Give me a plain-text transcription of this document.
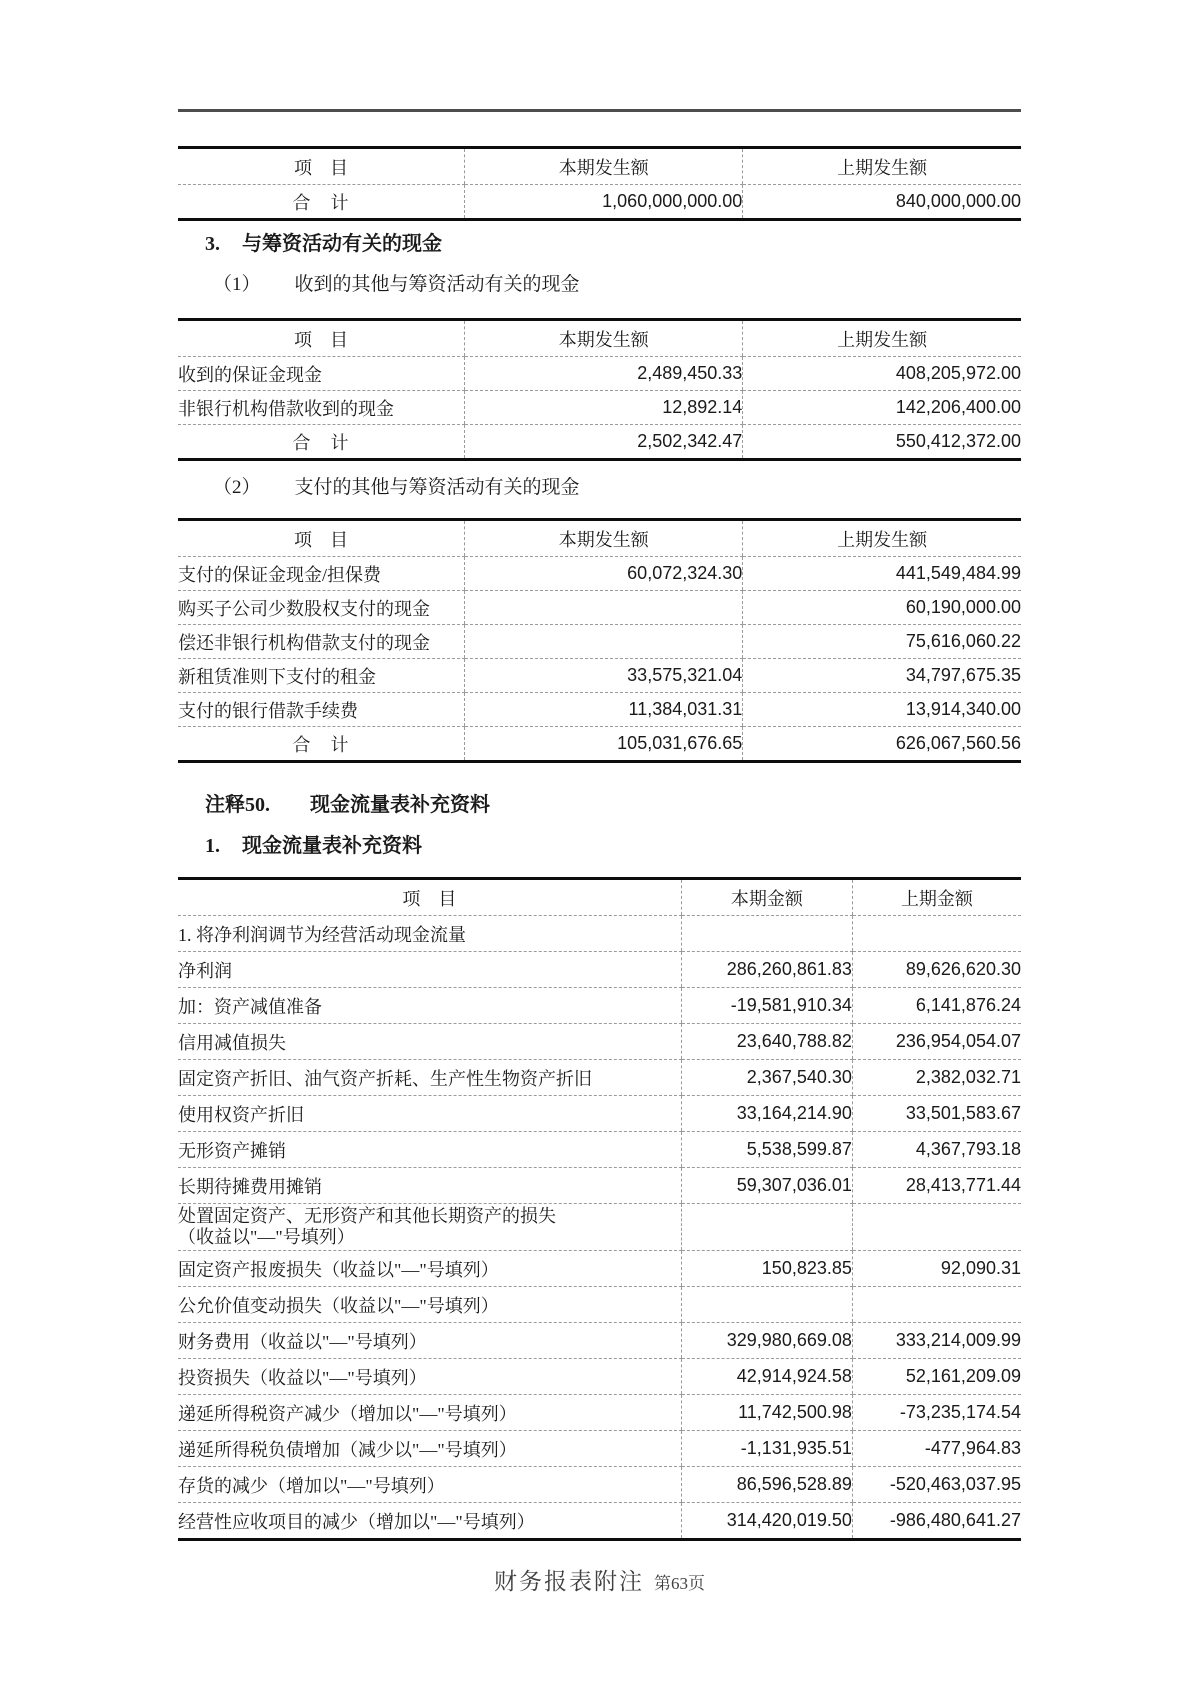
项　目	本期发生额	上期发生额
合　计	1,060,000,000.00	840,000,000.00
3. 与筹资活动有关的现金
（1） 收到的其他与筹资活动有关的现金
项　目	本期发生额	上期发生额
收到的保证金现金	2,489,450.33	408,205,972.00
非银行机构借款收到的现金	12,892.14	142,206,400.00
合　计	2,502,342.47	550,412,372.00
（2） 支付的其他与筹资活动有关的现金
项　目	本期发生额	上期发生额
支付的保证金现金/担保费	60,072,324.30	441,549,484.99
购买子公司少数股权支付的现金		60,190,000.00
偿还非银行机构借款支付的现金		75,616,060.22
新租赁准则下支付的租金	33,575,321.04	34,797,675.35
支付的银行借款手续费	11,384,031.31	13,914,340.00
合　计	105,031,676.65	626,067,560.56
注释50. 现金流量表补充资料
1. 现金流量表补充资料
项　目	本期金额	上期金额
1. 将净利润调节为经营活动现金流量		
净利润	286,260,861.83	89,626,620.30
加：资产减值准备	-19,581,910.34	6,141,876.24
信用减值损失	23,640,788.82	236,954,054.07
固定资产折旧、油气资产折耗、生产性生物资产折旧	2,367,540.30	2,382,032.71
使用权资产折旧	33,164,214.90	33,501,583.67
无形资产摊销	5,538,599.87	4,367,793.18
长期待摊费用摊销	59,307,036.01	28,413,771.44

处置固定资产、无形资产和其他长期资产的损失
（收益以"—"号填列）		

固定资产报废损失（收益以"—"号填列）	150,823.85	92,090.31
公允价值变动损失（收益以"—"号填列）		
财务费用（收益以"—"号填列）	329,980,669.08	333,214,009.99
投资损失（收益以"—"号填列）	42,914,924.58	52,161,209.09
递延所得税资产减少（增加以"—"号填列）	11,742,500.98	-73,235,174.54
递延所得税负债增加（减少以"—"号填列）	-1,131,935.51	-477,964.83
存货的减少（增加以"—"号填列）	86,596,528.89	-520,463,037.95
经营性应收项目的减少（增加以"—"号填列）	314,420,019.50	-986,480,641.27
财务报表附注 第63页
